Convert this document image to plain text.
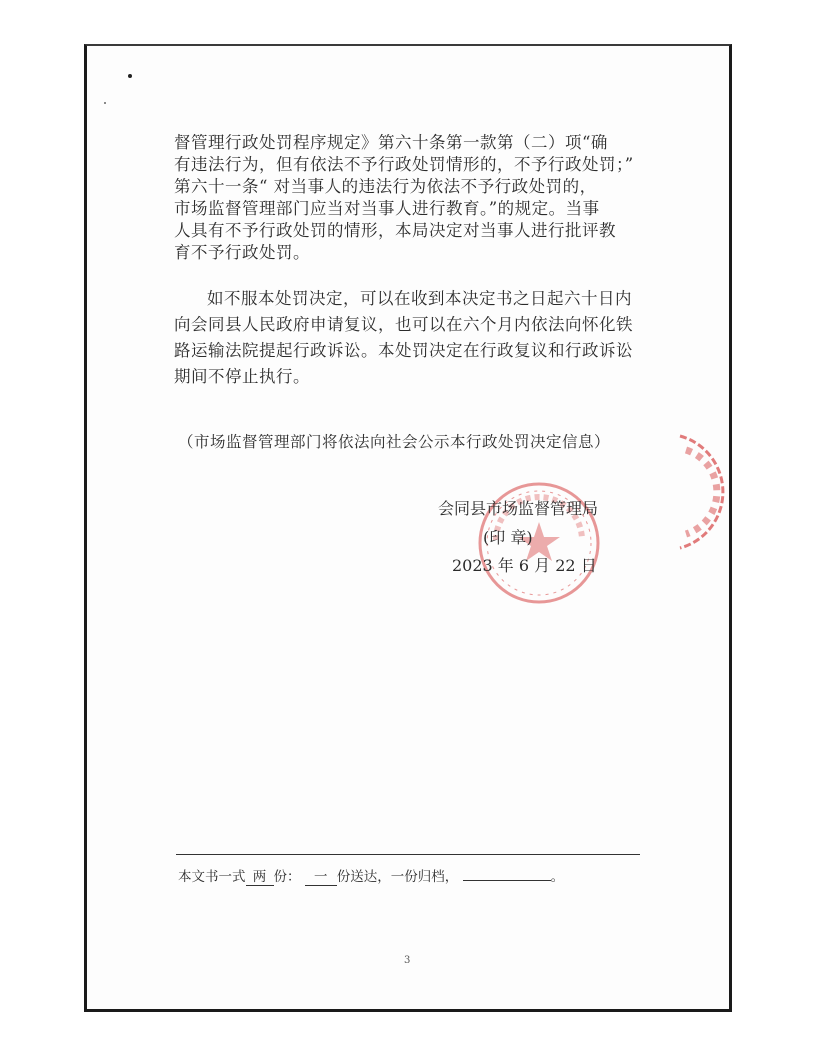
督管理行政处罚程序规定》第六十条第一款第（二）项“确
有违法行为，但有依法不予行政处罚情形的，不予行政处罚；”
第六十一条“ 对当事人的违法行为依法不予行政处罚的，
市场监督管理部门应当对当事人进行教育。”的规定。当事
人具有不予行政处罚的情形，本局决定对当事人进行批评教
育不予行政处罚。

如不服本处罚决定，可以在收到本决定书之日起六十日内
向会同县人民政府申请复议，也可以在六个月内依法向怀化铁
路运输法院提起行政诉讼。本处罚决定在行政复议和行政诉讼
期间不停止执行。

（市场监督管理部门将依法向社会公示本行政处罚决定信息）
会同县市场监督管理局
(印 章)
2023 年 6 月 22 日
本文书一式 两 份： 一 份送达，一份归档，	。
3
